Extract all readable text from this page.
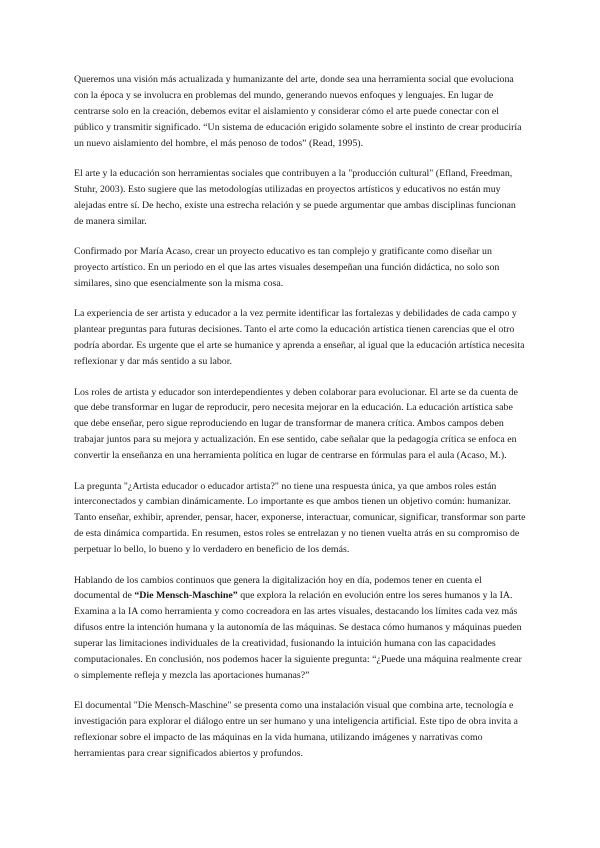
Queremos una visión más actualizada y humanizante del arte, donde sea una herramienta social que evoluciona con la época y se involucra en problemas del mundo, generando nuevos enfoques y lenguajes. En lugar de centrarse solo en la creación, debemos evitar el aislamiento y considerar cómo el arte puede conectar con el público y transmitir significado. “Un sistema de educación erigido solamente sobre el instinto de crear produciría un nuevo aislamiento del hombre, el más penoso de todos” (Read, 1995).

El arte y la educación son herramientas sociales que contribuyen a la "producción cultural" (Efland, Freedman, Stuhr, 2003). Esto sugiere que las metodologías utilizadas en proyectos artísticos y educativos no están muy alejadas entre sí. De hecho, existe una estrecha relación y se puede argumentar que ambas disciplinas funcionan de manera similar.

Confirmado por María Acaso, crear un proyecto educativo es tan complejo y gratificante como diseñar un proyecto artístico. En un periodo en el que las artes visuales desempeñan una función didáctica, no solo son similares, sino que esencialmente son la misma cosa.

La experiencia de ser artista y educador a la vez permite identificar las fortalezas y debilidades de cada campo y plantear preguntas para futuras decisiones. Tanto el arte como la educación artística tienen carencias que el otro podría abordar. Es urgente que el arte se humanice y aprenda a enseñar, al igual que la educación artística necesita reflexionar y dar más sentido a su labor.

Los roles de artista y educador son interdependientes y deben colaborar para evolucionar. El arte se da cuenta de que debe transformar en lugar de reproducir, pero necesita mejorar en la educación. La educación artística sabe que debe enseñar, pero sigue reproduciendo en lugar de transformar de manera crítica. Ambos campos deben trabajar juntos para su mejora y actualización. En ese sentido, cabe señalar que la pedagogía crítica se enfoca en convertir la enseñanza en una herramienta política en lugar de centrarse en fórmulas para el aula (Acaso, M.).

La pregunta "¿Artista educador o educador artista?" no tiene una respuesta única, ya que ambos roles están interconectados y cambian dinámicamente. Lo importante es que ambos tienen un objetivo común: humanizar. Tanto enseñar, exhibir, aprender, pensar, hacer, exponerse, interactuar, comunicar, significar, transformar son parte de esta dinámica compartida. En resumen, estos roles se entrelazan y no tienen vuelta atrás en su compromiso de perpetuar lo bello, lo bueno y lo verdadero en beneficio de los demás.

Hablando de los cambios continuos que genera la digitalización hoy en día, podemos tener en cuenta el documental de “Die Mensch-Maschine” que explora la relación en evolución entre los seres humanos y la IA. Examina a la IA como herramienta y como cocreadora en las artes visuales, destacando los límites cada vez más difusos entre la intención humana y la autonomía de las máquinas. Se destaca cómo humanos y máquinas pueden superar las limitaciones individuales de la creatividad, fusionando la intuición humana con las capacidades computacionales. En conclusión, nos podemos hacer la siguiente pregunta: “¿Puede una máquina realmente crear o simplemente refleja y mezcla las aportaciones humanas?”

El documental "Die Mensch-Maschine" se presenta como una instalación visual que combina arte, tecnología e investigación para explorar el diálogo entre un ser humano y una inteligencia artificial. Este tipo de obra invita a reflexionar sobre el impacto de las máquinas en la vida humana, utilizando imágenes y narrativas como herramientas para crear significados abiertos y profundos.
